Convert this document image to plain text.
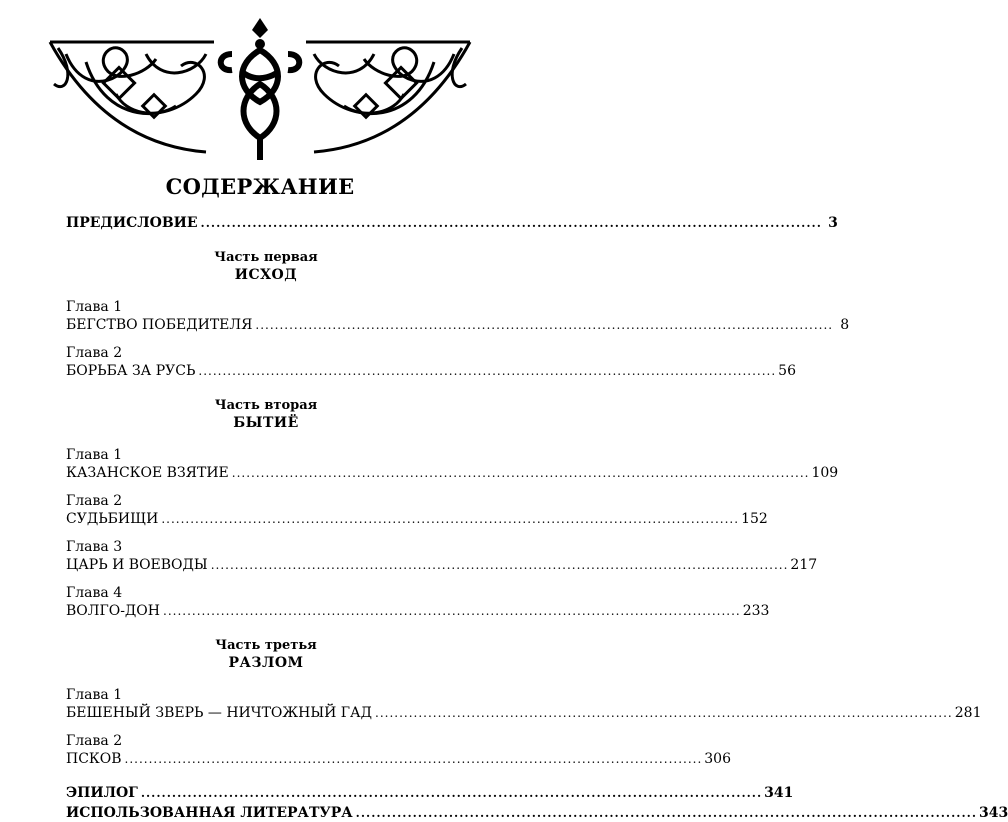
СОДЕРЖАНИЕ
ПРЕДИСЛОВИЕ ........................................................................................................................ 3
Часть первая
ИСХОД
Глава 1
БЕГСТВО ПОБЕДИТЕЛЯ ........................................................................................................................ 8
Глава 2
БОРЬБА ЗА РУСЬ ........................................................................................................................ 56
Часть вторая
БЫТИЁ
Глава 1
КАЗАНСКОЕ ВЗЯТИЕ ........................................................................................................................ 109
Глава 2
СУДЬБИЩИ ........................................................................................................................ 152
Глава 3
ЦАРЬ И ВОЕВОДЫ ........................................................................................................................ 217
Глава 4
ВОЛГО-ДОН ........................................................................................................................ 233
Часть третья
РАЗЛОМ
Глава 1
БЕШЕНЫЙ ЗВЕРЬ — НИЧТОЖНЫЙ ГАД ........................................................................................................................ 281
Глава 2
ПСКОВ ........................................................................................................................ 306
ЭПИЛОГ ........................................................................................................................ 341
ИСПОЛЬЗОВАННАЯ ЛИТЕРАТУРА ........................................................................................................................ 343
